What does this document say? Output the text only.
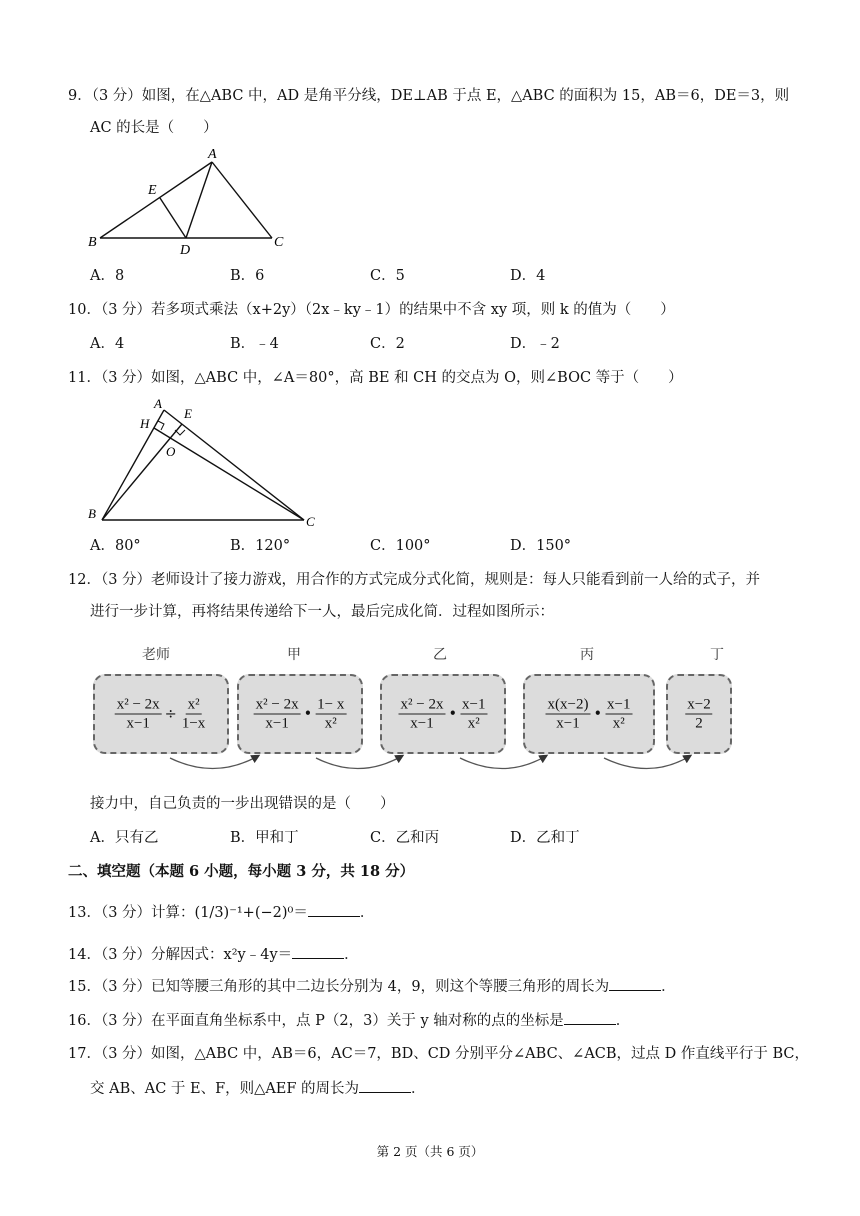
9．（3 分）如图，在△ABC 中，AD 是角平分线，DE⊥AB 于点 E，△ABC 的面积为 15，AB＝6，DE＝3，则
AC 的长是（　　）
A
B	C
D
E
A．8	B．6	C．5	D．4
10．（3 分）若多项式乘法（x+2y）（2x﹣ky﹣1）的结果中不含 xy 项，则 k 的值为（　　）
A．4	B．﹣4	C．2	D．﹣2
11．（3 分）如图，△ABC 中，∠A＝80°，高 BE 和 CH 的交点为 O，则∠BOC 等于（　　）
A
E
H
O
B
C
A．80°	B．120°	C．100°	D．150°
12．（3 分）老师设计了接力游戏，用合作的方式完成分式化简，规则是：每人只能看到前一人给的式子，并
进行一步计算，再将结果传递给下一人，最后完成化简．过程如图所示：
老师	甲	乙	丙	丁
$\frac{\text{x² − 2x}}{x-1} \div \frac{\text{x²}}{1-x}$	$\frac{\text{x² − 2x}}{x-1}$ • $\frac{1- x}{\text{x²}}$	$\frac{\text{x² − 2x}}{x-1}$ • $\frac{x-1}{\text{x²}}$	$\frac{x(x-2)}{x-1}$ • $\frac{x-1}{\text{x²}}$	$\frac{x-2}{2}$
接力中，自己负责的一步出现错误的是（　　）
A．只有乙	B．甲和丁	C．乙和丙	D．乙和丁
二、填空题（本题 6 小题，每小题 3 分，共 18 分）
13．（3 分）计算：(1/3)⁻¹+(−2)⁰＝	．
14．（3 分）分解因式：x²y﹣4y＝	．
15．（3 分）已知等腰三角形的其中二边长分别为 4，9，则这个等腰三角形的周长为	．
16．（3 分）在平面直角坐标系中，点 P（2，3）关于 y 轴对称的点的坐标是	．
17．（3 分）如图，△ABC 中，AB＝6，AC＝7，BD、CD 分别平分∠ABC、∠ACB，过点 D 作直线平行于 BC，
交 AB、AC 于 E、F，则△AEF 的周长为	．
第 2 页（共 6 页）
